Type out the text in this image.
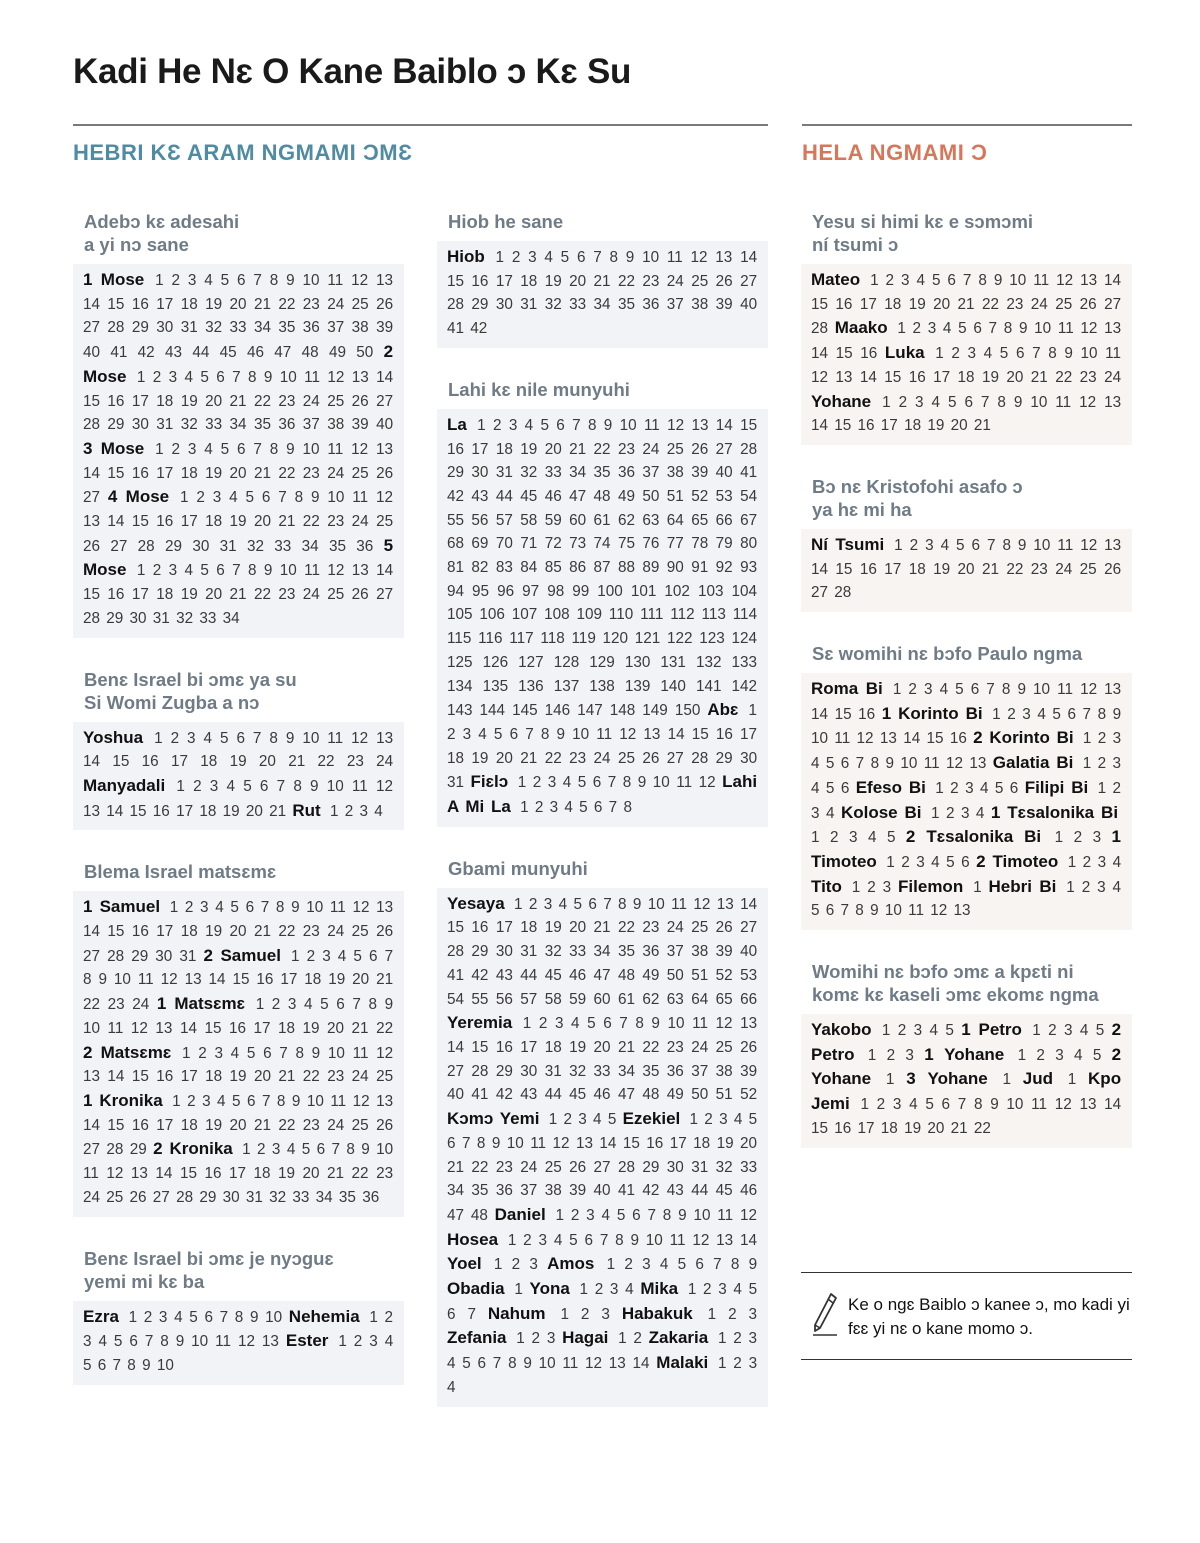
Kadi He Nɛ O Kane Baiblo ɔ Kɛ Su
HEBRI KƐ ARAM NGMAMI ƆMƐ	HELA NGMAMI Ɔ
Adebɔ kɛ adesahi
a yi nɔ sane
1 Mose 1 2 3 4 5 6 7 8 9 10 11 12 13 14 15 16 17 18 19 20 21 22 23 24 25 26 27 28 29 30 31 32 33 34 35 36 37 38 39 40 41 42 43 44 45 46 47 48 49 50 2 Mose 1 2 3 4 5 6 7 8 9 10 11 12 13 14 15 16 17 18 19 20 21 22 23 24 25 26 27 28 29 30 31 32 33 34 35 36 37 38 39 40 3 Mose 1 2 3 4 5 6 7 8 9 10 11 12 13 14 15 16 17 18 19 20 21 22 23 24 25 26 27 4 Mose 1 2 3 4 5 6 7 8 9 10 11 12 13 14 15 16 17 18 19 20 21 22 23 24 25 26 27 28 29 30 31 32 33 34 35 36 5 Mose 1 2 3 4 5 6 7 8 9 10 11 12 13 14 15 16 17 18 19 20 21 22 23 24 25 26 27 28 29 30 31 32 33 34
Benɛ Israel bi ɔmɛ ya su
Si Womi Zugba a nɔ
Yoshua 1 2 3 4 5 6 7 8 9 10 11 12 13 14 15 16 17 18 19 20 21 22 23 24 Manyadali 1 2 3 4 5 6 7 8 9 10 11 12 13 14 15 16 17 18 19 20 21 Rut 1 2 3 4
Blema Israel matsɛmɛ
1 Samuel 1 2 3 4 5 6 7 8 9 10 11 12 13 14 15 16 17 18 19 20 21 22 23 24 25 26 27 28 29 30 31 2 Samuel 1 2 3 4 5 6 7 8 9 10 11 12 13 14 15 16 17 18 19 20 21 22 23 24 1 Matsɛmɛ 1 2 3 4 5 6 7 8 9 10 11 12 13 14 15 16 17 18 19 20 21 22 2 Matsɛmɛ 1 2 3 4 5 6 7 8 9 10 11 12 13 14 15 16 17 18 19 20 21 22 23 24 25 1 Kronika 1 2 3 4 5 6 7 8 9 10 11 12 13 14 15 16 17 18 19 20 21 22 23 24 25 26 27 28 29 2 Kronika 1 2 3 4 5 6 7 8 9 10 11 12 13 14 15 16 17 18 19 20 21 22 23 24 25 26 27 28 29 30 31 32 33 34 35 36
Benɛ Israel bi ɔmɛ je nyɔguɛ
yemi mi kɛ ba
Ezra 1 2 3 4 5 6 7 8 9 10 Nehemia 1 2 3 4 5 6 7 8 9 10 11 12 13 Ester 1 2 3 4 5 6 7 8 9 10
Hiob he sane
Hiob 1 2 3 4 5 6 7 8 9 10 11 12 13 14 15 16 17 18 19 20 21 22 23 24 25 26 27 28 29 30 31 32 33 34 35 36 37 38 39 40 41 42
Lahi kɛ nile munyuhi
La 1 2 3 4 5 6 7 8 9 10 11 12 13 14 15 16 17 18 19 20 21 22 23 24 25 26 27 28 29 30 31 32 33 34 35 36 37 38 39 40 41 42 43 44 45 46 47 48 49 50 51 52 53 54 55 56 57 58 59 60 61 62 63 64 65 66 67 68 69 70 71 72 73 74 75 76 77 78 79 80 81 82 83 84 85 86 87 88 89 90 91 92 93 94 95 96 97 98 99 100 101 102 103 104 105 106 107 108 109 110 111 112 113 114 115 116 117 118 119 120 121 122 123 124 125 126 127 128 129 130 131 132 133 134 135 136 137 138 139 140 141 142 143 144 145 146 147 148 149 150 Abɛ 1 2 3 4 5 6 7 8 9 10 11 12 13 14 15 16 17 18 19 20 21 22 23 24 25 26 27 28 29 30 31 Fiɛlɔ 1 2 3 4 5 6 7 8 9 10 11 12 Lahi A Mi La 1 2 3 4 5 6 7 8
Gbami munyuhi
Yesaya 1 2 3 4 5 6 7 8 9 10 11 12 13 14 15 16 17 18 19 20 21 22 23 24 25 26 27 28 29 30 31 32 33 34 35 36 37 38 39 40 41 42 43 44 45 46 47 48 49 50 51 52 53 54 55 56 57 58 59 60 61 62 63 64 65 66 Yeremia 1 2 3 4 5 6 7 8 9 10 11 12 13 14 15 16 17 18 19 20 21 22 23 24 25 26 27 28 29 30 31 32 33 34 35 36 37 38 39 40 41 42 43 44 45 46 47 48 49 50 51 52 Kɔmɔ Yemi 1 2 3 4 5 Ezekiel 1 2 3 4 5 6 7 8 9 10 11 12 13 14 15 16 17 18 19 20 21 22 23 24 25 26 27 28 29 30 31 32 33 34 35 36 37 38 39 40 41 42 43 44 45 46 47 48 Daniel 1 2 3 4 5 6 7 8 9 10 11 12 Hosea 1 2 3 4 5 6 7 8 9 10 11 12 13 14 Yoel 1 2 3 Amos 1 2 3 4 5 6 7 8 9 Obadia 1 Yona 1 2 3 4 Mika 1 2 3 4 5 6 7 Nahum 1 2 3 Habakuk 1 2 3 Zefania 1 2 3 Hagai 1 2 Zakaria 1 2 3 4 5 6 7 8 9 10 11 12 13 14 Malaki 1 2 3 4
Yesu si himi kɛ e sɔmɔmi
ní tsumi ɔ
Mateo 1 2 3 4 5 6 7 8 9 10 11 12 13 14 15 16 17 18 19 20 21 22 23 24 25 26 27 28 Maako 1 2 3 4 5 6 7 8 9 10 11 12 13 14 15 16 Luka 1 2 3 4 5 6 7 8 9 10 11 12 13 14 15 16 17 18 19 20 21 22 23 24 Yohane 1 2 3 4 5 6 7 8 9 10 11 12 13 14 15 16 17 18 19 20 21
Bɔ nɛ Kristofohi asafo ɔ
ya hɛ mi ha
Ní Tsumi 1 2 3 4 5 6 7 8 9 10 11 12 13 14 15 16 17 18 19 20 21 22 23 24 25 26 27 28
Sɛ womihi nɛ bɔfo Paulo ngma
Roma Bi 1 2 3 4 5 6 7 8 9 10 11 12 13 14 15 16 1 Korinto Bi 1 2 3 4 5 6 7 8 9 10 11 12 13 14 15 16 2 Korinto Bi 1 2 3 4 5 6 7 8 9 10 11 12 13 Galatia Bi 1 2 3 4 5 6 Efeso Bi 1 2 3 4 5 6 Filipi Bi 1 2 3 4 Kolose Bi 1 2 3 4 1 Tɛsalonika Bi 1 2 3 4 5 2 Tɛsalonika Bi 1 2 3 1 Timoteo 1 2 3 4 5 6 2 Timoteo 1 2 3 4 Tito 1 2 3 Filemon 1 Hebri Bi 1 2 3 4 5 6 7 8 9 10 11 12 13
Womihi nɛ bɔfo ɔmɛ a kpɛti ni
komɛ kɛ kaseli ɔmɛ ekomɛ ngma
Yakobo 1 2 3 4 5 1 Petro 1 2 3 4 5 2 Petro 1 2 3 1 Yohane 1 2 3 4 5 2 Yohane 1 3 Yohane 1 Jud 1 Kpo Jemi 1 2 3 4 5 6 7 8 9 10 11 12 13 14 15 16 17 18 19 20 21 22
Ke o ngɛ Baiblo ɔ kanee ɔ, mo kadi yi fɛɛ yi nɛ o kane momo ɔ.
